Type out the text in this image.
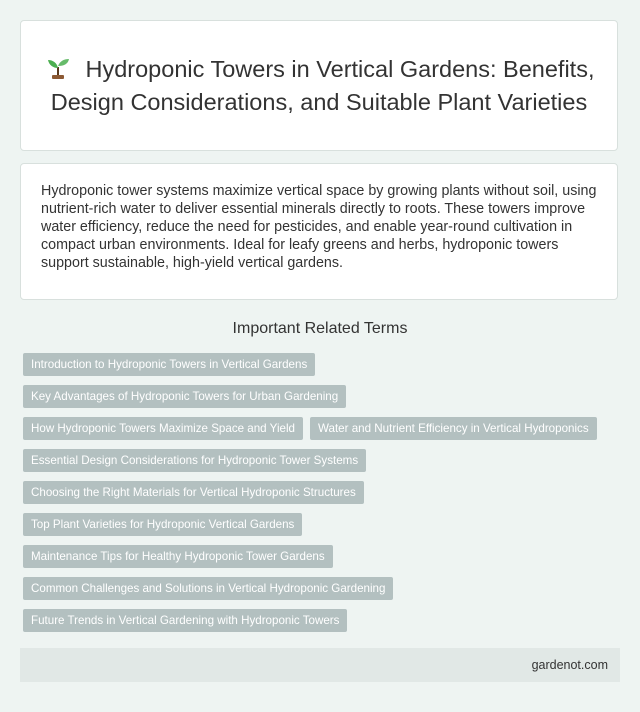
Hydroponic Towers in Vertical Gardens: Benefits, Design Considerations, and Suitable Plant Varieties

Hydroponic tower systems maximize vertical space by growing plants without soil, using nutrient-rich water to deliver essential minerals directly to roots. These towers improve water efficiency, reduce the need for pesticides, and enable year-round cultivation in compact urban environments. Ideal for leafy greens and herbs, hydroponic towers support sustainable, high-yield vertical gardens.

Important Related Terms
Introduction to Hydroponic Towers in Vertical Gardens
Key Advantages of Hydroponic Towers for Urban Gardening
How Hydroponic Towers Maximize Space and Yield	Water and Nutrient Efficiency in Vertical Hydroponics
Essential Design Considerations for Hydroponic Tower Systems
Choosing the Right Materials for Vertical Hydroponic Structures
Top Plant Varieties for Hydroponic Vertical Gardens
Maintenance Tips for Healthy Hydroponic Tower Gardens
Common Challenges and Solutions in Vertical Hydroponic Gardening
Future Trends in Vertical Gardening with Hydroponic Towers
gardenot.com
